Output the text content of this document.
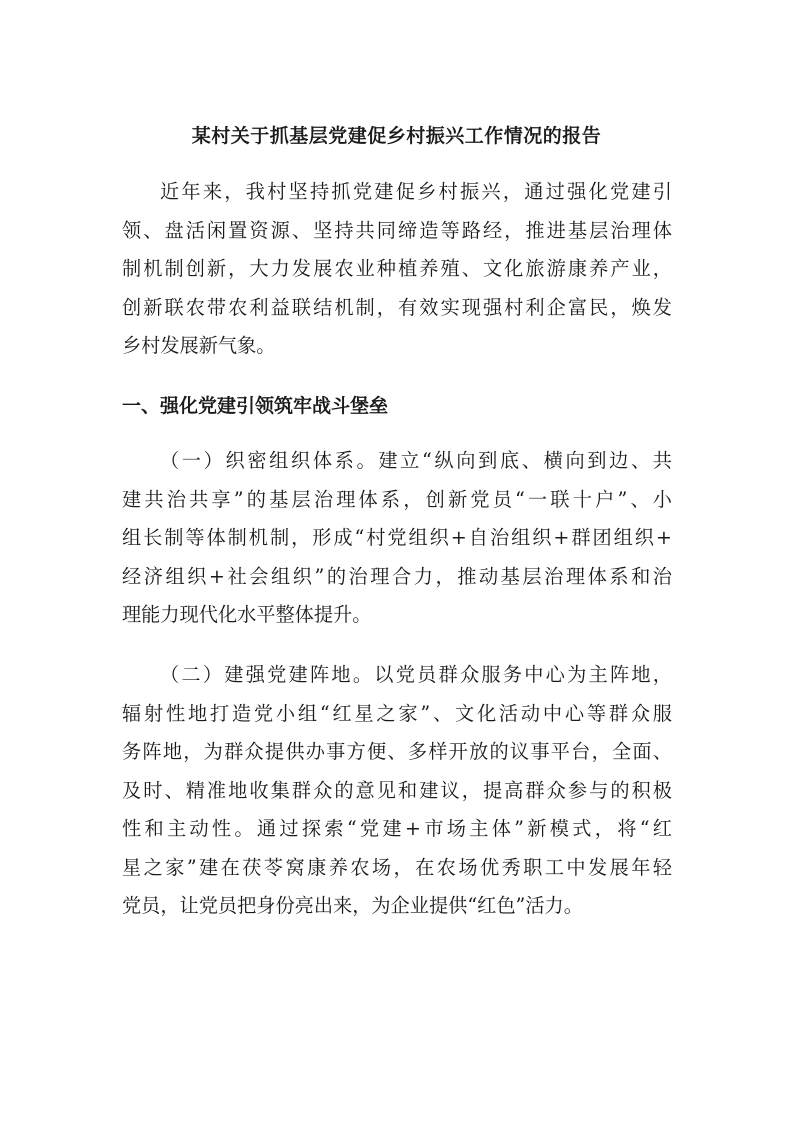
某村关于抓基层党建促乡村振兴工作情况的报告
近年来，我村坚持抓党建促乡村振兴，通过强化党建引
领、盘活闲置资源、坚持共同缔造等路经，推进基层治理体
制机制创新，大力发展农业种植养殖、文化旅游康养产业，
创新联农带农利益联结机制，有效实现强村利企富民，焕发
乡村发展新气象。
一、强化党建引领筑牢战斗堡垒
（一）织密组织体系。建立“纵向到底、横向到边、共
建共治共享”的基层治理体系，创新党员“一联十户”、小
组长制等体制机制，形成“村党组织+自治组织+群团组织+
经济组织+社会组织”的治理合力，推动基层治理体系和治
理能力现代化水平整体提升。
（二）建强党建阵地。以党员群众服务中心为主阵地，
辐射性地打造党小组“红星之家”、文化活动中心等群众服
务阵地，为群众提供办事方便、多样开放的议事平台，全面、
及时、精准地收集群众的意见和建议，提高群众参与的积极
性和主动性。通过探索“党建+市场主体”新模式，将“红
星之家”建在茯苓窝康养农场，在农场优秀职工中发展年轻
党员，让党员把身份亮出来，为企业提供“红色”活力。
